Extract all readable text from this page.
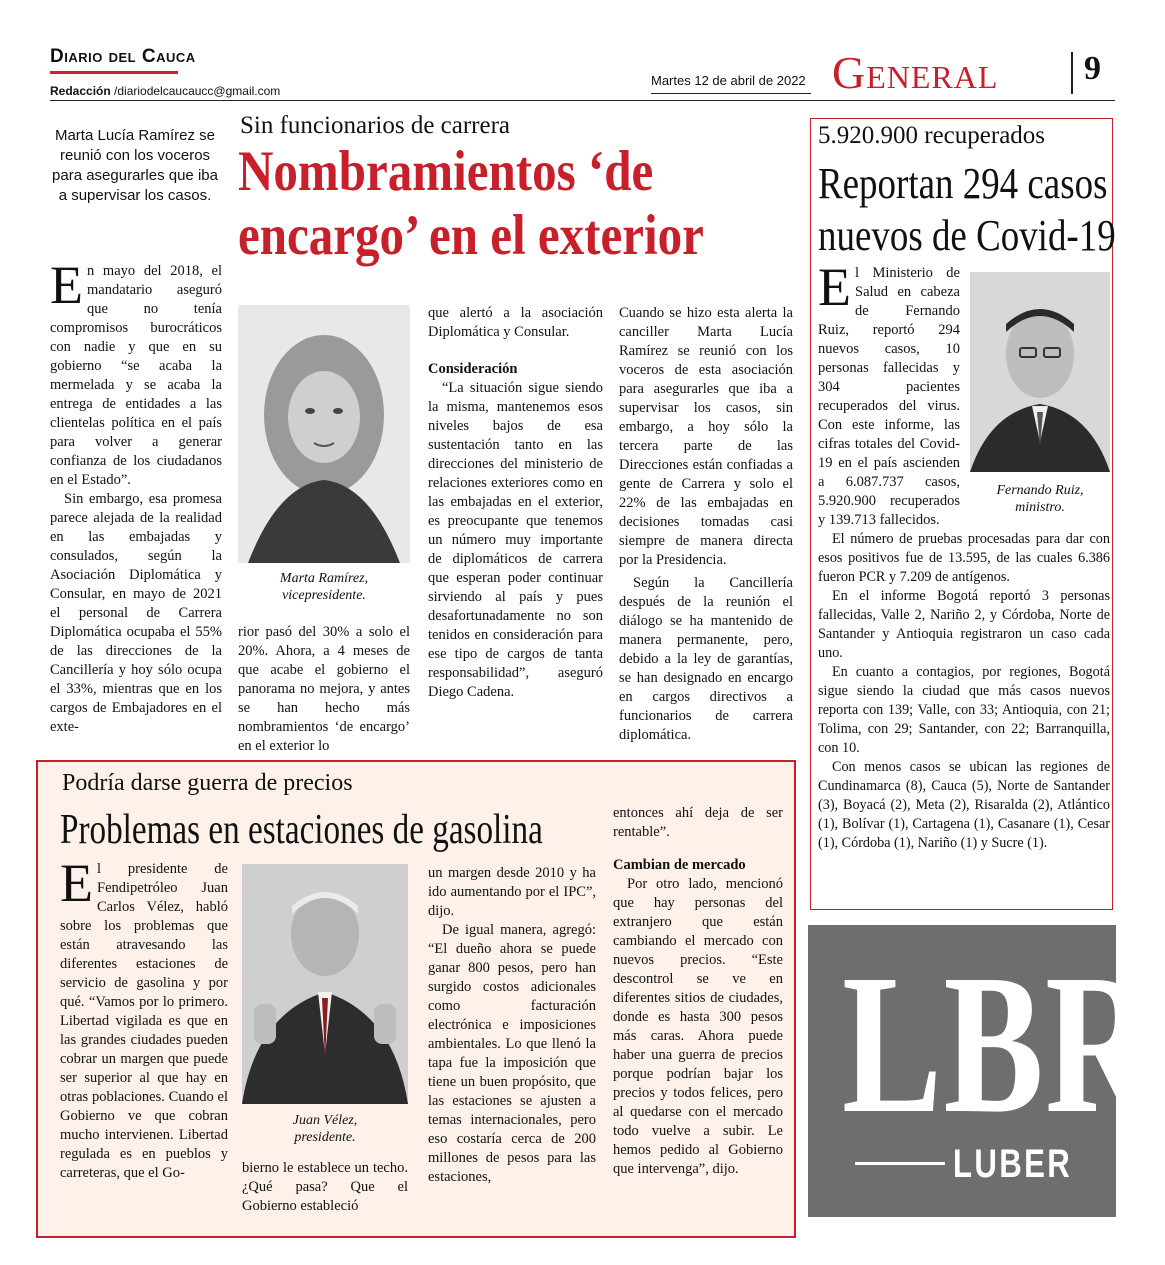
Diario del Cauca
Redacción /diariodelcaucaucc@gmail.com
Martes 12 de abril de 2022 General	9
Marta Lucía Ramírez se reunió con los voceros para asegurarles que iba a supervisar los casos.
Sin funcionarios de carrera
Nombramientos ‘de
encargo’ en el exterior

En mayo del 2018, el mandatario aseguró que no tenía compromisos burocráticos con nadie y que en su gobierno “se acaba la mermelada y se acaba la entrega de entidades a las clientelas política en el país para volver a generar confianza de los ciudadanos en el Estado”.

Sin embargo, esa promesa parece alejada de la realidad en las embajadas y consulados, según la Asociación Diplomática y Consular, en mayo de 2021 el personal de Carrera Diplomática ocupaba el 55% de las direcciones de la Cancillería y hoy sólo ocupa el 33%, mientras que en los cargos de Embajadores en el exte-

Marta Ramírez,
vicepresidente.

rior pasó del 30% a solo el 20%. Ahora, a 4 meses de que acabe el gobierno el panorama no mejora, y antes se han hecho más nombramientos ‘de encargo’ en el exterior lo

que alertó a la asociación Diplomática y Consular.

Consideración

“La situación sigue siendo la misma, mantenemos esos niveles bajos de esa sustentación tanto en las direcciones del ministerio de relaciones exteriores como en las embajadas en el exterior, es preocupante que tenemos un número muy importante de diplomáticos de carrera que esperan poder continuar sirviendo al país y pues desafortunadamente no son tenidos en consideración para ese tipo de cargos de tanta responsabilidad”, aseguró Diego Cadena.

Cuando se hizo esta alerta la canciller Marta Lucía Ramírez se reunió con los voceros de esta asociación para asegurarles que iba a supervisar los casos, sin embargo, a hoy sólo la tercera parte de las Direcciones están confiadas a gente de Carrera y solo el 22% de las embajadas en decisiones tomadas casi siempre de manera directa por la Presidencia.

Según la Cancillería después de la reunión el diálogo se ha mantenido de manera permanente, pero, debido a la ley de garantías, se han designado en encargo en cargos directivos a funcionarios de carrera diplomática.

5.920.900 recuperados
Reportan 294 casos
nuevos de Covid-19

El Ministerio de Salud en cabeza de Fernando Ruiz, reportó 294 nuevos casos, 10 personas fallecidas y 304 pacientes recuperados del virus. Con este informe, las cifras totales del Covid-19 en el país ascienden a 6.087.737 casos, 5.920.900 recuperados y 139.713 fallecidos.

Fernando Ruiz,
ministro.

El número de pruebas procesadas para dar con esos positivos fue de 13.595, de las cuales 6.386 fueron PCR y 7.209 de antígenos.

En el informe Bogotá reportó 3 personas fallecidas, Valle 2, Nariño 2, y Córdoba, Norte de Santander y Antioquia registraron un caso cada uno.

En cuanto a contagios, por regiones, Bogotá sigue siendo la ciudad que más casos nuevos reporta con 139; Valle, con 33; Antioquia, con 21; Tolima, con 29; Santander, con 22; Barranquilla, con 10.

Con menos casos se ubican las regiones de Cundinamarca (8), Cauca (5), Norte de Santander (3), Boyacá (2), Meta (2), Risaralda (2), Atlántico (1), Bolívar (1), Cartagena (1), Casanare (1), Cesar (1), Córdoba (1), Nariño (1) y Sucre (1).

Podría darse guerra de precios
Problemas en estaciones de gasolina

El presidente de Fendipetróleo Juan Carlos Vélez, habló sobre los problemas que están atravesando las diferentes estaciones de servicio de gasolina y por qué. “Vamos por lo primero. Libertad vigilada es que en las grandes ciudades pueden cobrar un margen que puede ser superior al que hay en otras poblaciones. Cuando el Gobierno ve que cobran mucho intervienen. Libertad regulada es en pueblos y carreteras, que el Go-

Juan Vélez,
presidente.

bierno le establece un techo. ¿Qué pasa? Que el Gobierno estableció

un margen desde 2010 y ha ido aumentando por el IPC”, dijo.

De igual manera, agregó: “El dueño ahora se puede ganar 800 pesos, pero han surgido costos adicionales como facturación electrónica e imposiciones ambientales. Lo que llenó la tapa fue la imposición que tiene un buen propósito, que las estaciones se ajusten a temas internacionales, pero eso costaría cerca de 200 millones de pesos para las estaciones,

entonces ahí deja de ser rentable”.

Cambian de mercado

Por otro lado, mencionó que hay personas del extranjero que están cambiando el mercado con nuevos precios. “Este descontrol se ve en diferentes sitios de ciudades, donde es hasta 300 pesos más caras. Ahora puede haber una guerra de precios porque podrían bajar los precios y todos felices, pero al quedarse con el mercado todo vuelve a subir. Le hemos pedido al Gobierno que intervenga”, dijo.

LBR
LUBER
